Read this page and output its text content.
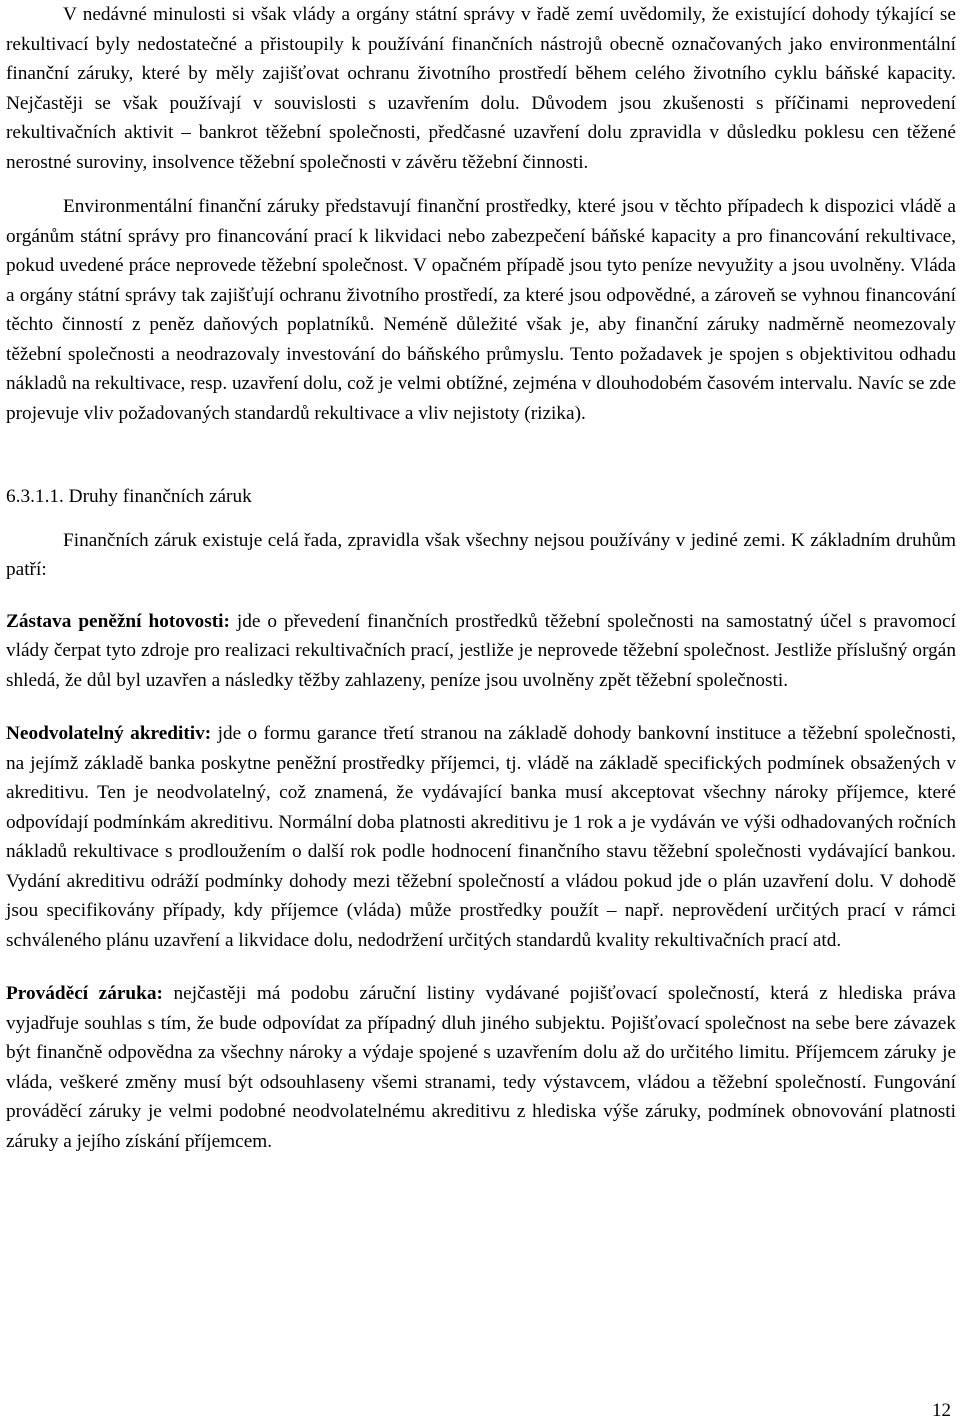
V nedávné minulosti si však vlády a orgány státní správy v řadě zemí uvědomily, že existující dohody týkající se rekultivací byly nedostatečné a přistoupily k používání finančních nástrojů obecně označovaných jako environmentální finanční záruky, které by měly zajišťovat ochranu životního prostředí během celého životního cyklu báňské kapacity. Nejčastěji se však používají v souvislosti s uzavřením dolu. Důvodem jsou zkušenosti s příčinami neprovedení rekultivačních aktivit – bankrot těžební společnosti, předčasné uzavření dolu zpravidla v důsledku poklesu cen těžené nerostné suroviny, insolvence těžební společnosti v závěru těžební činnosti.

Environmentální finanční záruky představují finanční prostředky, které jsou v těchto případech k dispozici vládě a orgánům státní správy pro financování prací k likvidaci nebo zabezpečení báňské kapacity a pro financování rekultivace, pokud uvedené práce neprovede těžební společnost. V opačném případě jsou tyto peníze nevyužity a jsou uvolněny. Vláda a orgány státní správy tak zajišťují ochranu životního prostředí, za které jsou odpovědné, a zároveň se vyhnou financování těchto činností z peněz daňových poplatníků. Neméně důležité však je, aby finanční záruky nadměrně neomezovaly těžební společnosti a neodrazovaly investování do báňského průmyslu. Tento požadavek je spojen s objektivitou odhadu nákladů na rekultivace, resp. uzavření dolu, což je velmi obtížné, zejména v dlouhodobém časovém intervalu. Navíc se zde projevuje vliv požadovaných standardů rekultivace a vliv nejistoty (rizika).

6.3.1.1. Druhy finančních záruk

Finančních záruk existuje celá řada, zpravidla však všechny nejsou používány v jediné zemi. K základním druhům patří:

Zástava peněžní hotovosti: jde o převedení finančních prostředků těžební společnosti na samostatný účel s pravomocí vlády čerpat tyto zdroje pro realizaci rekultivačních prací, jestliže je neprovede těžební společnost. Jestliže příslušný orgán shledá, že důl byl uzavřen a následky těžby zahlazeny, peníze jsou uvolněny zpět těžební společnosti.

Neodvolatelný akreditiv: jde o formu garance třetí stranou na základě dohody bankovní instituce a těžební společnosti, na jejímž základě banka poskytne peněžní prostředky příjemci, tj. vládě na základě specifických podmínek obsažených v akreditivu. Ten je neodvolatelný, což znamená, že vydávající banka musí akceptovat všechny nároky příjemce, které odpovídají podmínkám akreditivu. Normální doba platnosti akreditivu je 1 rok a je vydáván ve výši odhadovaných ročních nákladů rekultivace s prodloužením o další rok podle hodnocení finančního stavu těžební společnosti vydávající bankou. Vydání akreditivu odráží podmínky dohody mezi těžební společností a vládou pokud jde o plán uzavření dolu. V dohodě jsou specifikovány případy, kdy příjemce (vláda) může prostředky použít – např. neprovědení určitých prací v rámci schváleného plánu uzavření a likvidace dolu, nedodržení určitých standardů kvality rekultivačních prací atd.

Prováděcí záruka: nejčastěji má podobu záruční listiny vydávané pojišťovací společností, která z hlediska práva vyjadřuje souhlas s tím, že bude odpovídat za případný dluh jiného subjektu. Pojišťovací společnost na sebe bere závazek být finančně odpovědna za všechny nároky a výdaje spojené s uzavřením dolu až do určitého limitu. Příjemcem záruky je vláda, veškeré změny musí být odsouhlaseny všemi stranami, tedy výstavcem, vládou a těžební společností. Fungování prováděcí záruky je velmi podobné neodvolatelnému akreditivu z hlediska výše záruky, podmínek obnovování platnosti záruky a jejího získání příjemcem.

12
